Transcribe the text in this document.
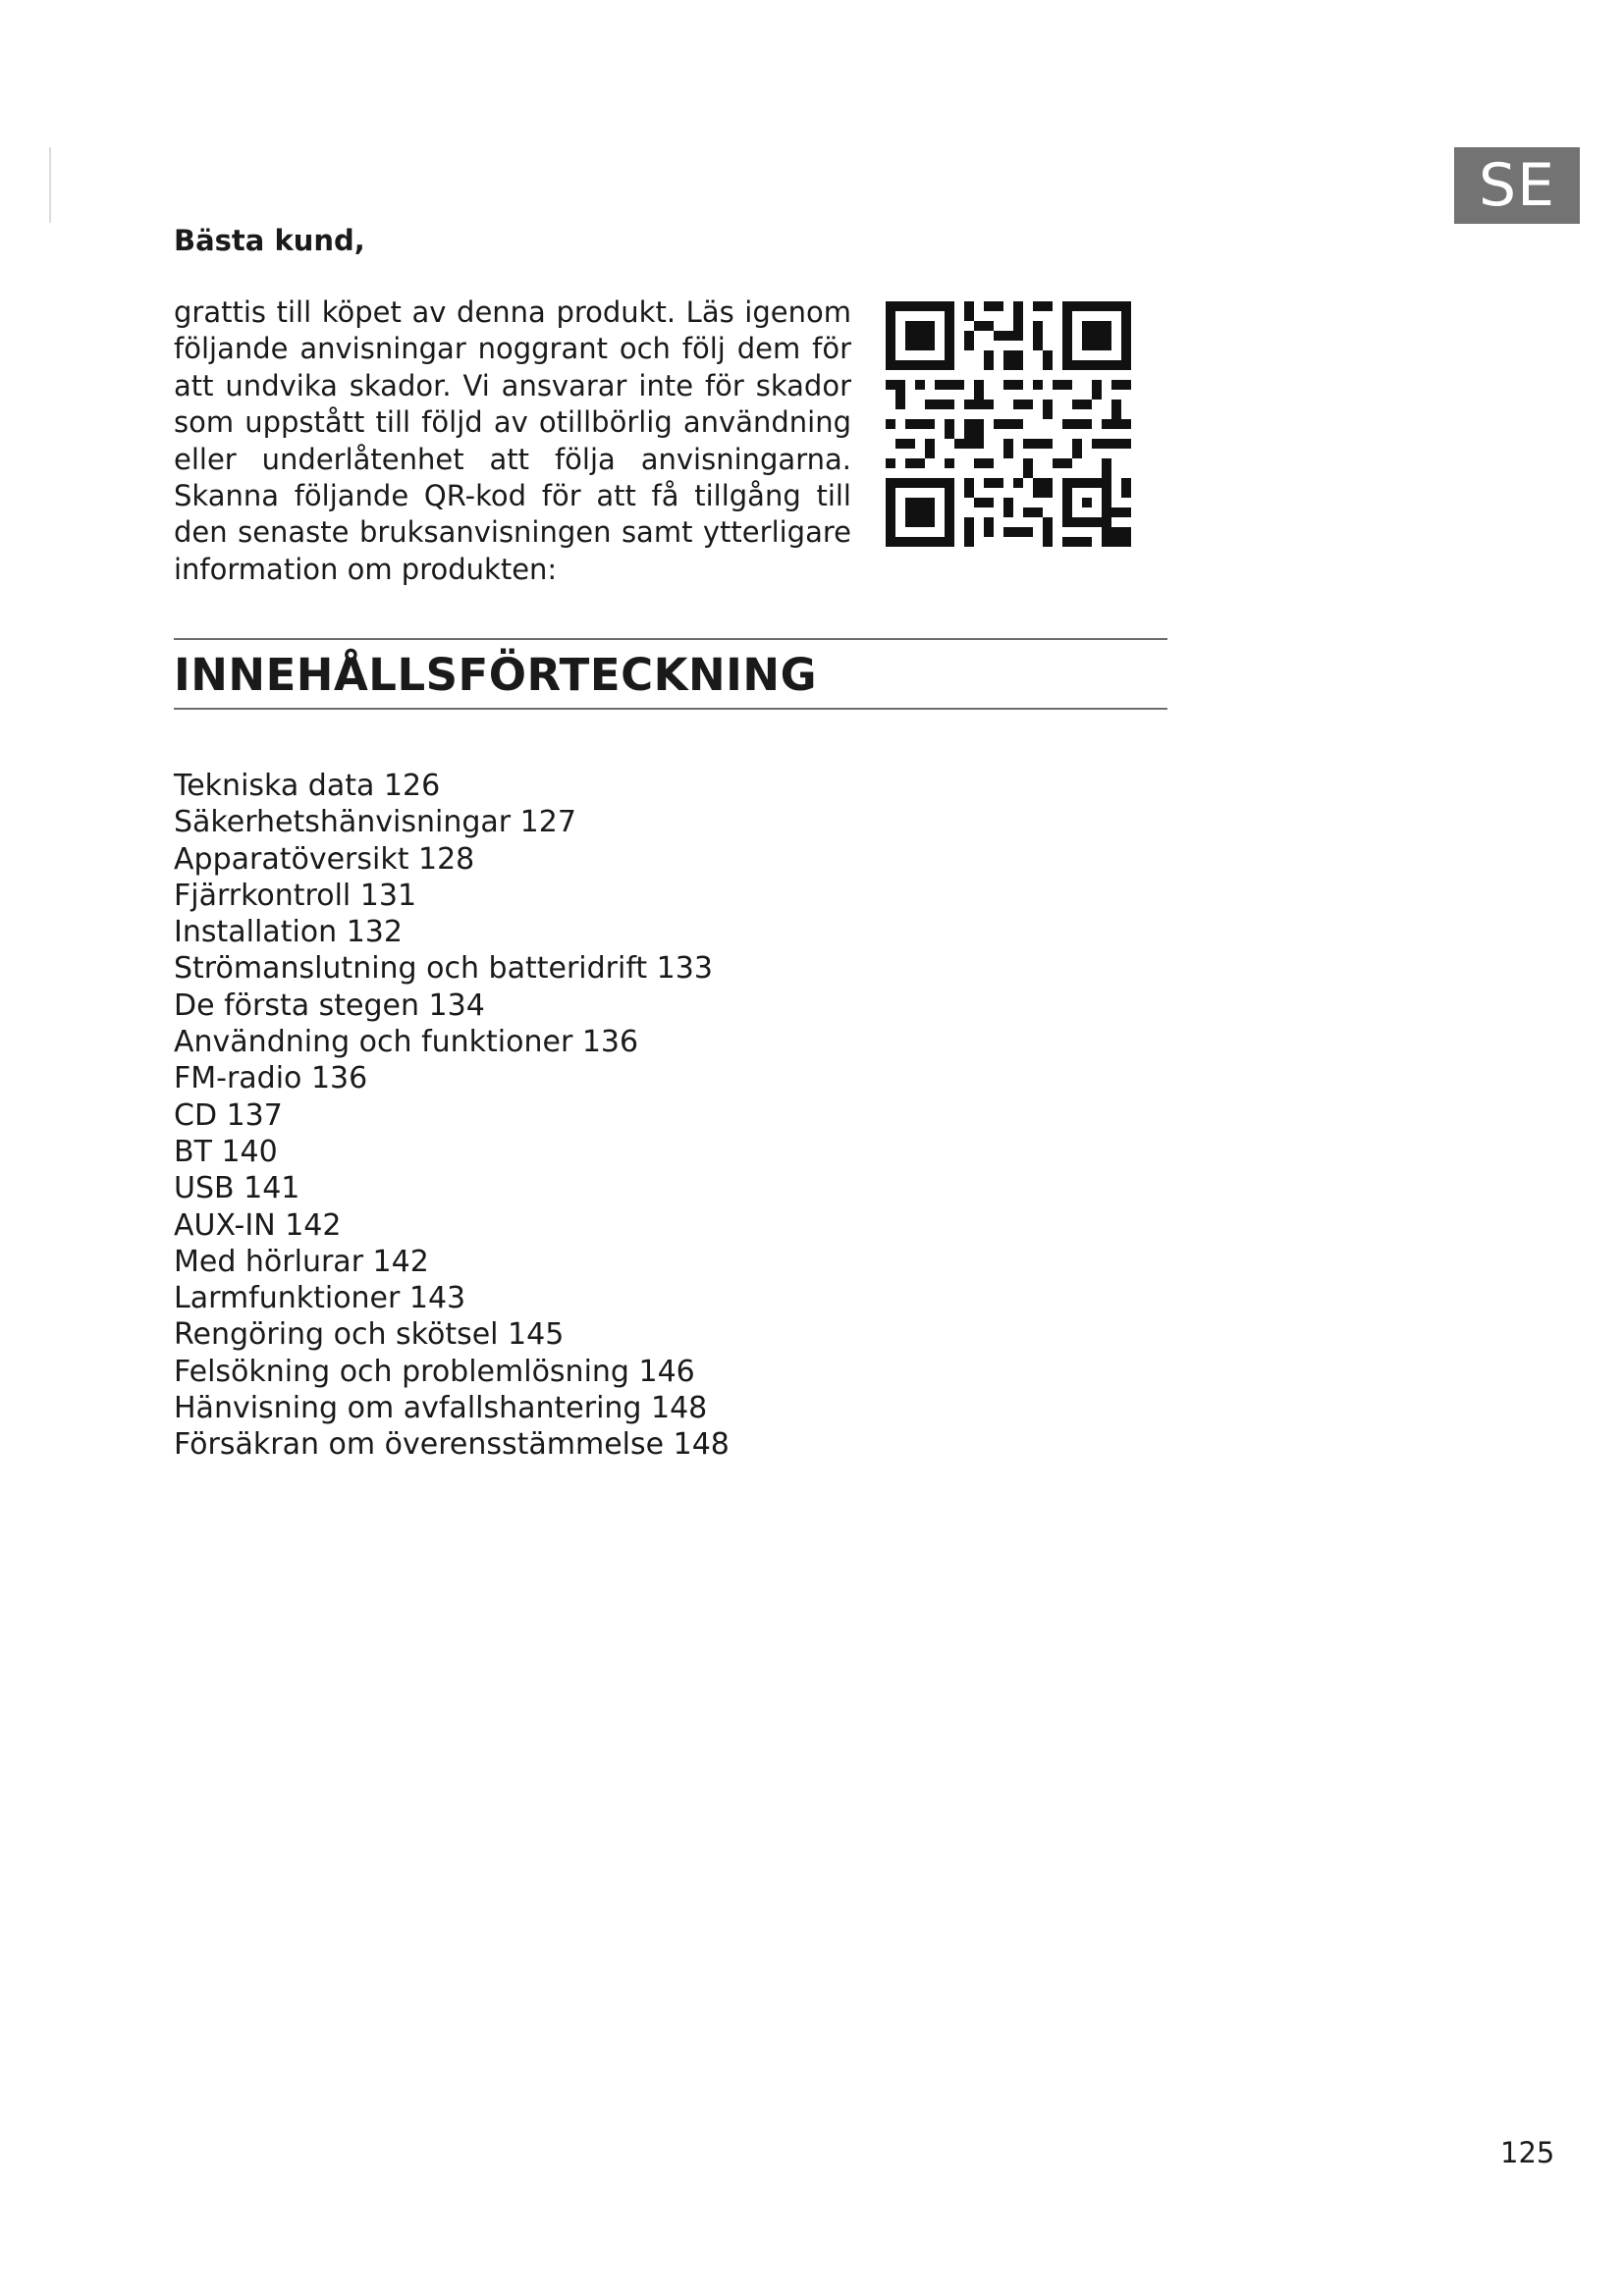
SE
Bästa kund,

grattis till köpet av denna produkt. Läs igenom följande anvisningar noggrant och följ dem för att undvika skador. Vi ansvarar inte för skador som uppstått till följd av otillbörlig användning eller underlåtenhet att följa anvisningarna. Skanna följande QR-kod för att få tillgång till den senaste bruksanvisningen samt ytterligare information om produkten:

INNEHÅLLSFÖRTECKNING
Tekniska data 126
Säkerhetshänvisningar 127
Apparatöversikt 128
Fjärrkontroll 131
Installation 132
Strömanslutning och batteridrift 133
De första stegen 134
Användning och funktioner 136
FM-radio 136
CD 137
BT 140
USB 141
AUX-IN 142
Med hörlurar 142
Larmfunktioner 143
Rengöring och skötsel 145
Felsökning och problemlösning 146
Hänvisning om avfallshantering 148
Försäkran om överensstämmelse 148
125
